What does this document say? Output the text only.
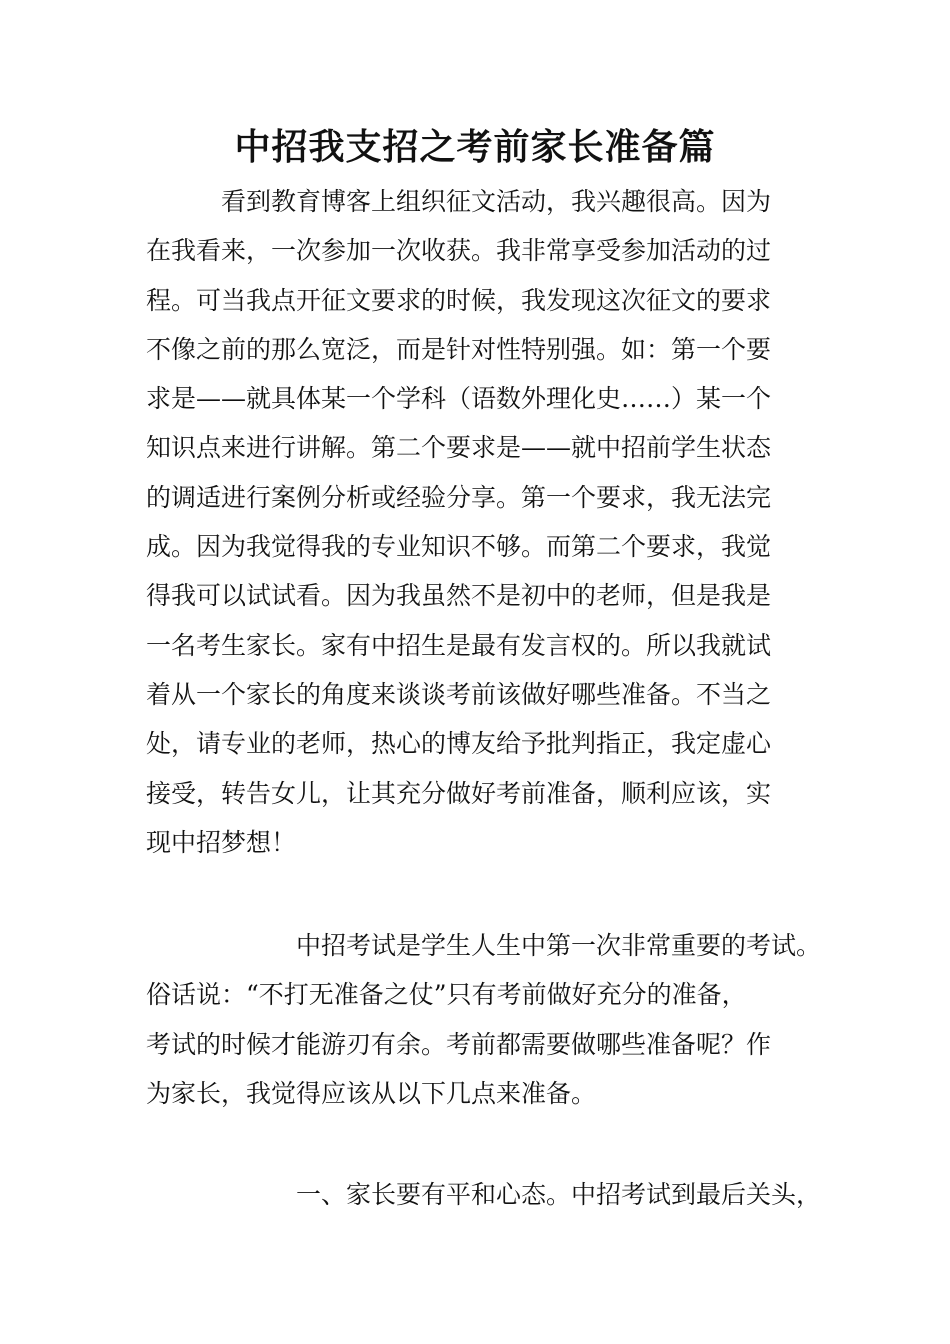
中招我支招之考前家长准备篇

　　　看到教育博客上组织征文活动，我兴趣很高。因为
在我看来，一次参加一次收获。我非常享受参加活动的过
程。可当我点开征文要求的时候，我发现这次征文的要求
不像之前的那么宽泛，而是针对性特别强。如：第一个要
求是——就具体某一个学科（语数外理化史……）某一个
知识点来进行讲解。第二个要求是——就中招前学生状态
的调适进行案例分析或经验分享。第一个要求，我无法完
成。因为我觉得我的专业知识不够。而第二个要求，我觉
得我可以试试看。因为我虽然不是初中的老师，但是我是
一名考生家长。家有中招生是最有发言权的。所以我就试
着从一个家长的角度来谈谈考前该做好哪些准备。不当之
处，请专业的老师，热心的博友给予批判指正，我定虚心
接受，转告女儿，让其充分做好考前准备，顺利应该，实
现中招梦想！

　　　　　　中招考试是学生人生中第一次非常重要的考试。
俗话说：“不打无准备之仗”只有考前做好充分的准备，
考试的时候才能游刃有余。考前都需要做哪些准备呢？作
为家长，我觉得应该从以下几点来准备。

　　　　　　一、家长要有平和心态。中招考试到最后关头，
